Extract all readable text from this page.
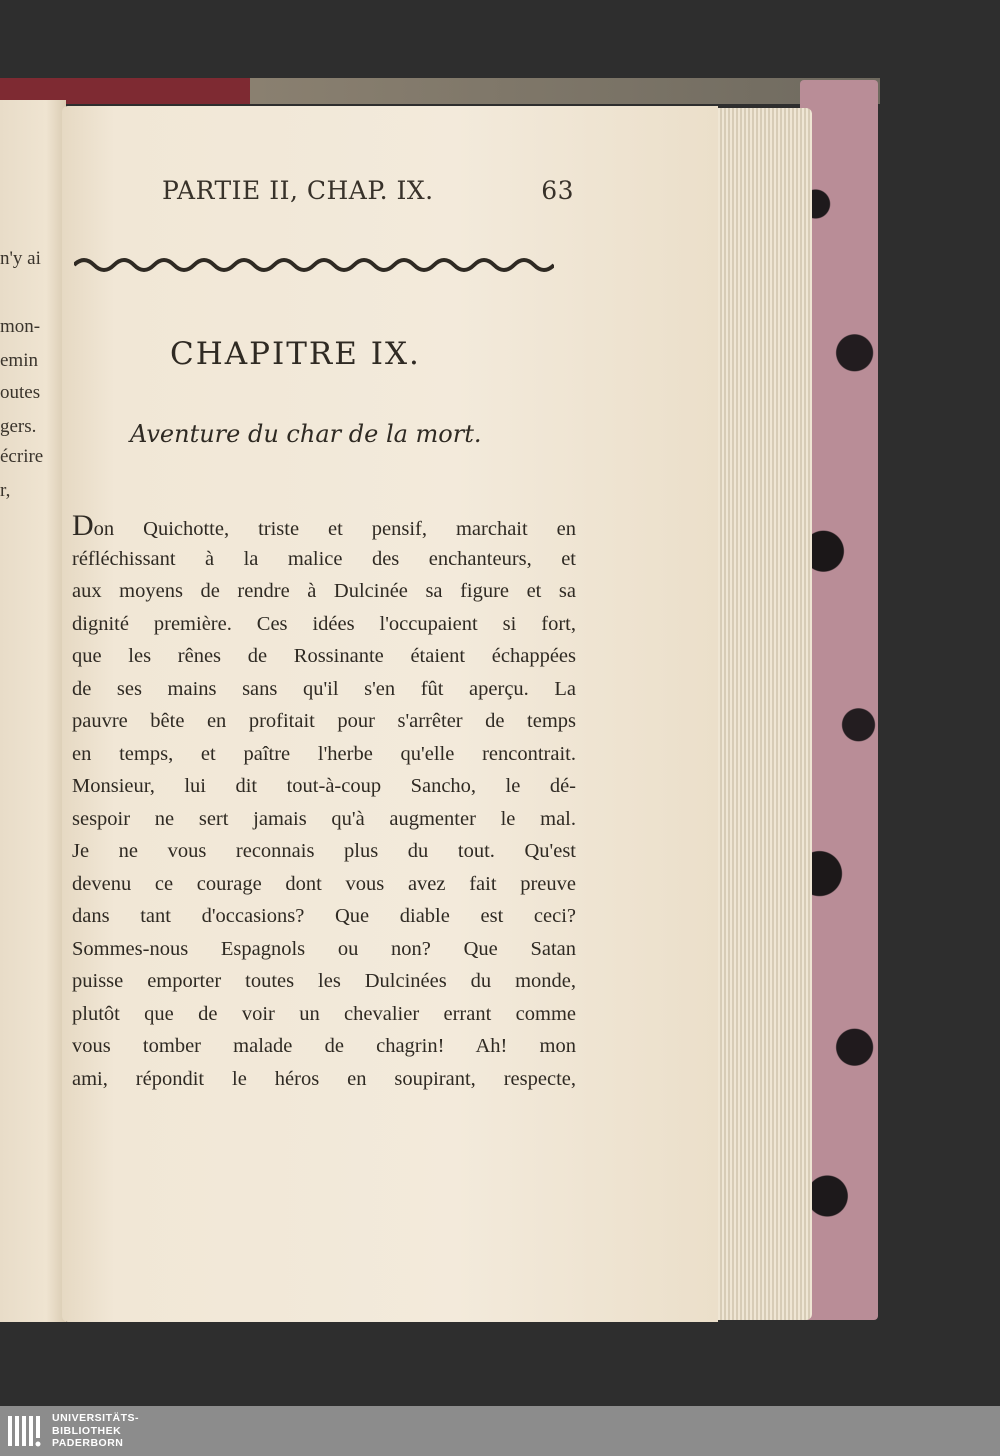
n'y ai
mon-
emin
outes
gers.
écrire
r,
PARTIE II, CHAP. IX.	63
CHAPITRE IX.
Aventure du char de la mort.
Don Quichotte, triste et pensif, marchait en
réfléchissant à la malice des enchanteurs, et
aux moyens de rendre à Dulcinée sa figure et sa
dignité première. Ces idées l'occupaient si fort,
que les rênes de Rossinante étaient échappées
de ses mains sans qu'il s'en fût aperçu. La
pauvre bête en profitait pour s'arrêter de temps
en temps, et paître l'herbe qu'elle rencontrait.
Monsieur, lui dit tout-à-coup Sancho, le dé-
sespoir ne sert jamais qu'à augmenter le mal.
Je ne vous reconnais plus du tout. Qu'est
devenu ce courage dont vous avez fait preuve
dans tant d'occasions? Que diable est ceci?
Sommes-nous Espagnols ou non? Que Satan
puisse emporter toutes les Dulcinées du monde,
plutôt que de voir un chevalier errant comme
vous tomber malade de chagrin! Ah! mon
ami, répondit le héros en soupirant, respecte,
UNIVERSITÄTS-
BIBLIOTHEK
PADERBORN
